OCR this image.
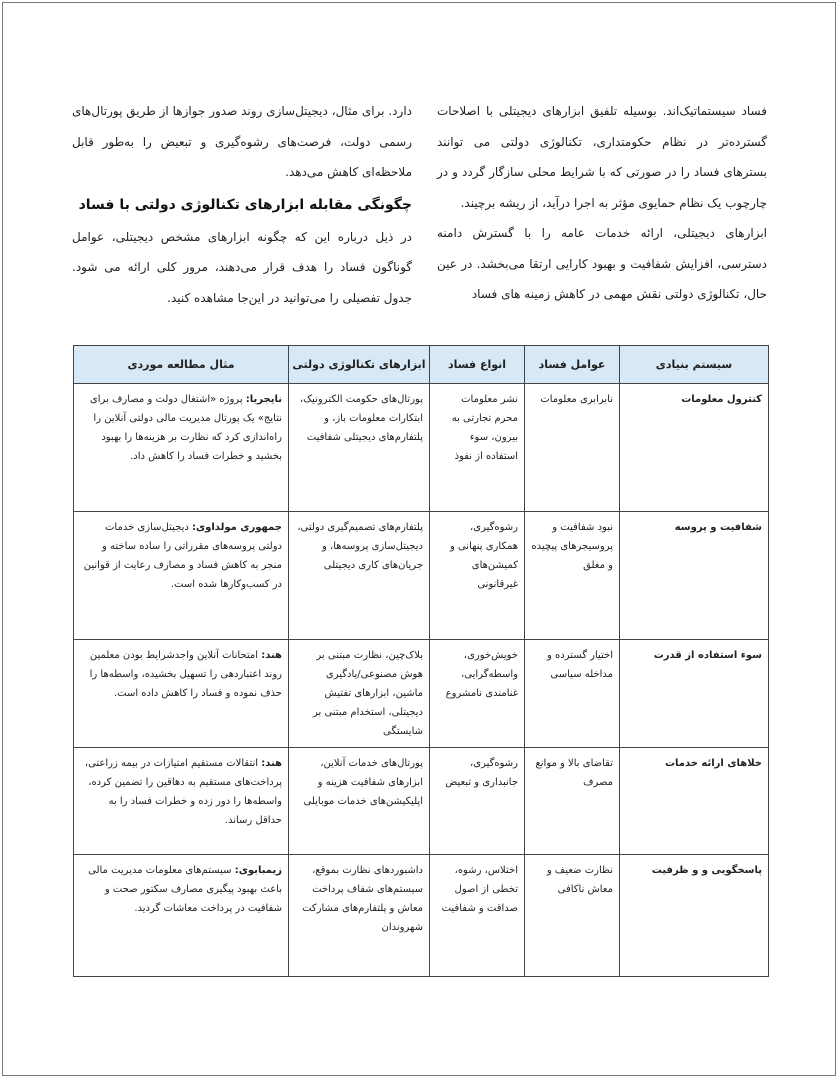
فساد سیستماتیک‌اند. بوسیله تلفیق ابزارهای دیجیتلی با اصلاحات گسترده‌تر در نظام حکومتداری، تکنالوژی دولتی می توانند بسترهای فساد را در صورتی که با شرایط محلی سازگار گردد و در چارچوب یک نظام حمایوی مؤثر به اجرا درآید، از ریشه برچیند.

ابزارهای دیجیتلی، ارائه خدمات عامه را با گسترش دامنه دسترسی، افزایش شفافیت و بهبود کارایی ارتقا می‌بخشد. در عین حال، تکنالوژی دولتی نقش مهمی در کاهش زمینه های فساد

دارد. برای مثال، دیجیتل‌سازی روند صدور جوازها از طریق پورتال‌های رسمی دولت، فرصت‌های رشوه‌گیری و تبعیض را به‌طور قابل ملاحظه‌ای کاهش می‌دهد.

چگونگی مقابله ابزارهای تکنالوژی دولتی با فساد

در ذیل درباره این که چگونه ابزارهای مشخص دیجیتلی، عوامل گوناگون فساد را هدف قرار می‌دهند، مرور کلی ارائه می شود. جدول تفصیلی را می‌توانید در این‌جا مشاهده کنید.

سیستم بنیادی	عوامل فساد	انواع فساد	ابزارهای تکنالوژی دولتی	مثال مطالعه موردی
کنترول معلومات	نابرابری معلومات	نشر معلومات محرم تجارتی به بیرون، سوء استفاده از نفوذ	پورتال‌های حکومت الکترونیک، ابتکارات معلومات باز، و پلتفارم‌های دیجیتلی شفافیت	نایجریا: پروژه «اشتغال دولت و مصارف برای نتایج» یک پورتال مدیریت مالی دولتی آنلاین را راه‌اندازی کرد که نظارت بر هزینه‌ها را بهبود بخشید و خطرات فساد را کاهش داد.
شفافیت و پروسه	نبود شفافیت و پروسیجرهای پیچیده و مغلق	رشوه‌گیری، همکاری پنهانی و کمیشن‌های غیرقانونی	پلتفارم‌های تصمیم‌گیری دولتی، دیجیتل‌سازی پروسه‌ها، و جریان‌های کاری دیجیتلی	جمهوری مولداوی: دیجیتل‌سازی خدمات دولتی پروسه‌های مقرراتی را ساده ساخته و منجر به کاهش فساد و مصارف رعایت از قوانین در کسب‌وکارها شده است.
سوء استفاده از قدرت	اختیار گسترده و مداخله سیاسی	خویش‌خوری، واسطه‌گرایی، غنامندی نامشروع	بلاک‌چین، نظارت مبتنی بر هوش مصنوعی/یادگیری ماشین، ابزارهای تفتیش دیجیتلی، استخدام مبتنی بر شایستگی	هند: امتحانات آنلاین واجدشرایط بودن معلمین روند اعتباردهی را تسهیل بخشیده، واسطه‌ها را حذف نموده و فساد را کاهش داده است.
خلاهای ارائه خدمات	تقاضای بالا و موانع مصرف	رشوه‌گیری، جانبداری و تبعیض	پورتال‌های خدمات آنلاین، ابزارهای شفافیت هزینه و اپلیکیشن‌های خدمات موبایلی	هند: انتقالات مستقیم امتیازات در بیمه زراعتی، پرداخت‌های مستقیم به دهاقین را تضمین کرده، واسطه‌ها را دور زده و خطرات فساد را به حداقل رساند.
پاسخگویی و و ظرفیت	نظارت ضعیف و معاش ناکافی	اختلاس، رشوه، تخطی از اصول صداقت و شفافیت	داشبوردهای نظارت بموقع، سیستم‌های شفاف پرداخت معاش و پلتفارم‌های مشارکت شهروندان	زیمبابوی: سیستم‌های معلومات مدیریت مالی باعث بهبود پیگیری مصارف سکتور صحت و شفافیت در پرداخت معاشات گردید.
